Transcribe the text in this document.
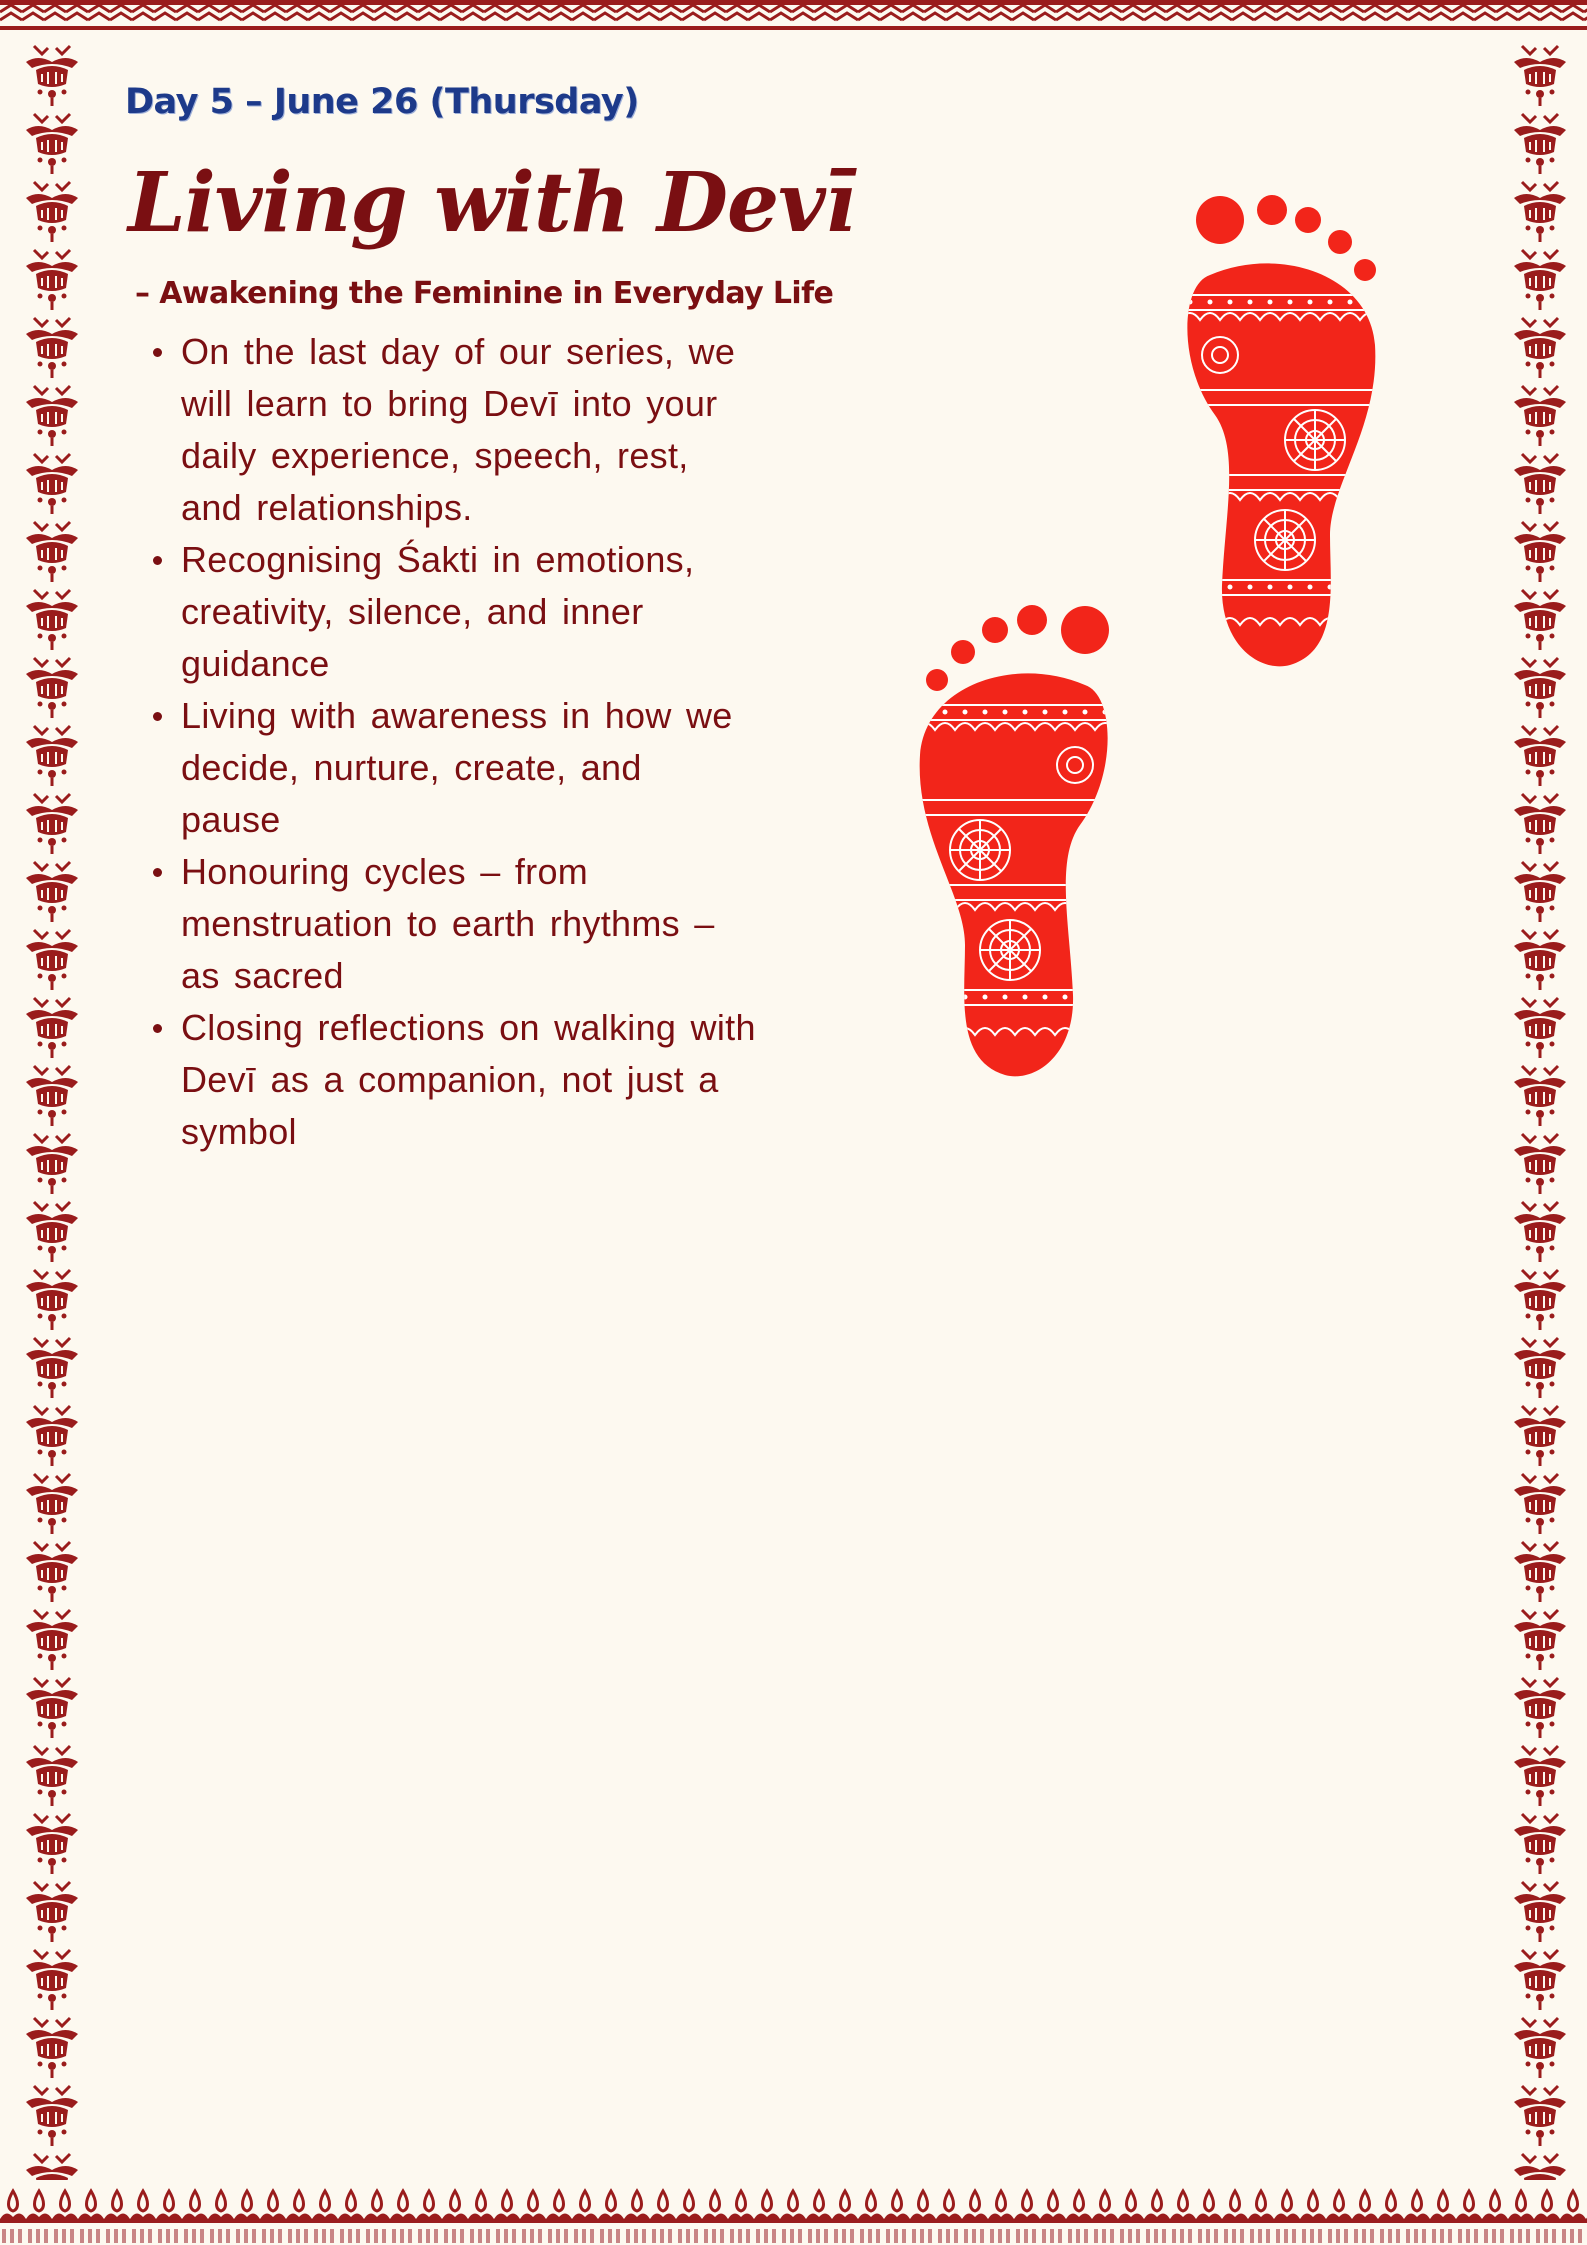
Day 5 – June 26 (Thursday)
Living with Devī
– Awakening the Feminine in Everyday Life
On the last day of our series, we
will learn to bring Devī into your
daily experience, speech, rest,
and relationships.
Recognising Śakti in emotions,
creativity, silence, and inner
guidance
Living with awareness in how we
decide, nurture, create, and
pause
Honouring cycles – from
menstruation to earth rhythms –
as sacred
Closing reflections on walking with
Devī as a companion, not just a
symbol
